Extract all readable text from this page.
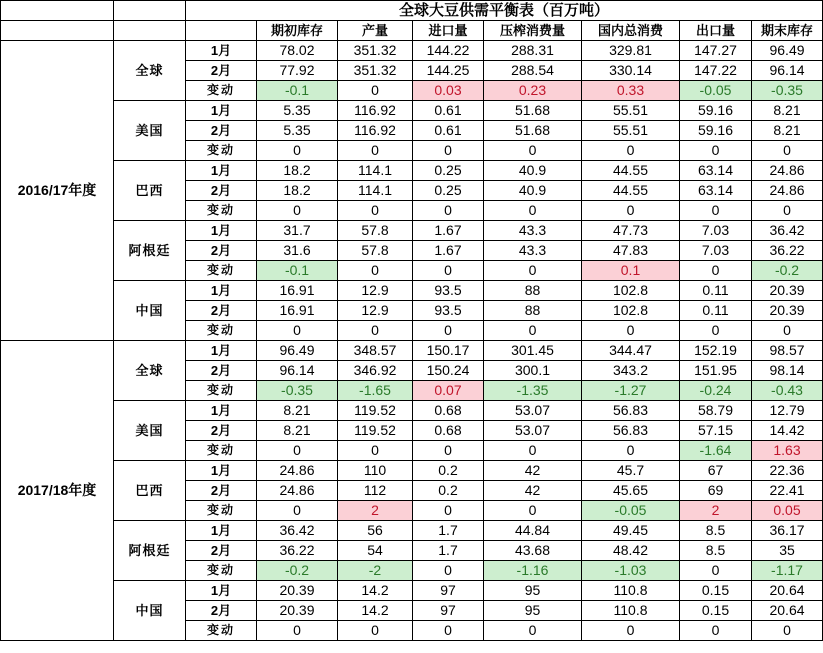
		全球大豆供需平衡表（百万吨）							
			期初库存	产量	进口量	压榨消费量	国内总消费	出口量	期末库存
2016/17年度	全球	1月	78.02	351.32	144.22	288.31	329.81	147.27	96.49
		2月	77.92	351.32	144.25	288.54	330.14	147.22	96.14
		变动	-0.1	0	0.03	0.23	0.33	-0.05	-0.35
	美国	1月	5.35	116.92	0.61	51.68	55.51	59.16	8.21
		2月	5.35	116.92	0.61	51.68	55.51	59.16	8.21
		变动	0	0	0	0	0	0	0
	巴西	1月	18.2	114.1	0.25	40.9	44.55	63.14	24.86
		2月	18.2	114.1	0.25	40.9	44.55	63.14	24.86
		变动	0	0	0	0	0	0	0
	阿根廷	1月	31.7	57.8	1.67	43.3	47.73	7.03	36.42
		2月	31.6	57.8	1.67	43.3	47.83	7.03	36.22
		变动	-0.1	0	0	0	0.1	0	-0.2
	中国	1月	16.91	12.9	93.5	88	102.8	0.11	20.39
		2月	16.91	12.9	93.5	88	102.8	0.11	20.39
		变动	0	0	0	0	0	0	0
2017/18年度	全球	1月	96.49	348.57	150.17	301.45	344.47	152.19	98.57
		2月	96.14	346.92	150.24	300.1	343.2	151.95	98.14
		变动	-0.35	-1.65	0.07	-1.35	-1.27	-0.24	-0.43
	美国	1月	8.21	119.52	0.68	53.07	56.83	58.79	12.79
		2月	8.21	119.52	0.68	53.07	56.83	57.15	14.42
		变动	0	0	0	0	0	-1.64	1.63
	巴西	1月	24.86	110	0.2	42	45.7	67	22.36
		2月	24.86	112	0.2	42	45.65	69	22.41
		变动	0	2	0	0	-0.05	2	0.05
	阿根廷	1月	36.42	56	1.7	44.84	49.45	8.5	36.17
		2月	36.22	54	1.7	43.68	48.42	8.5	35
		变动	-0.2	-2	0	-1.16	-1.03	0	-1.17
	中国	1月	20.39	14.2	97	95	110.8	0.15	20.64
		2月	20.39	14.2	97	95	110.8	0.15	20.64
		变动	0	0	0	0	0	0	0
